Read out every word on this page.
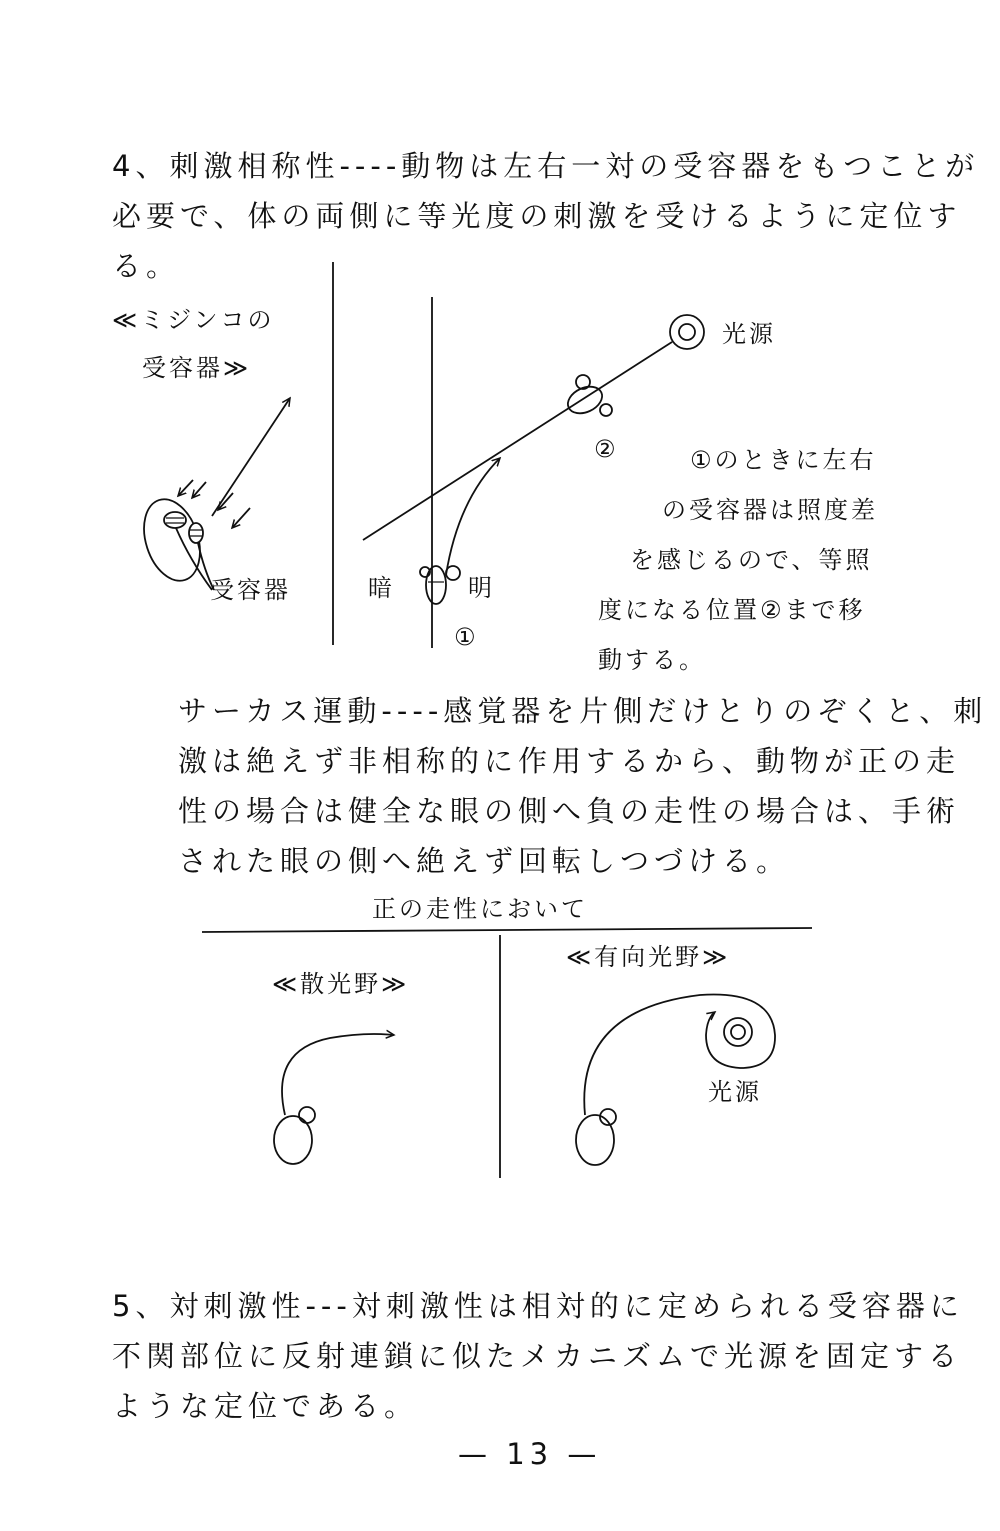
4、刺激相称性----動物は左右一対の受容器をもつことが
必要で、体の両側に等光度の刺激を受けるように定位す
る。
≪ミジンコの
受容器≫
受容器
光源
暗	明
①
②	①のときに左右
の受容器は照度差
を感じるので、等照
度になる位置②まで移
動する。
サーカス運動----感覚器を片側だけとりのぞくと、刺
激は絶えず非相称的に作用するから、動物が正の走
性の場合は健全な眼の側へ負の走性の場合は、手術
された眼の側へ絶えず回転しつづける。
正の走性において
≪散光野≫
≪有向光野≫
光源
5、対刺激性---対刺激性は相対的に定められる受容器に
不関部位に反射連鎖に似たメカニズムで光源を固定する
ような定位である。
— 13 —
